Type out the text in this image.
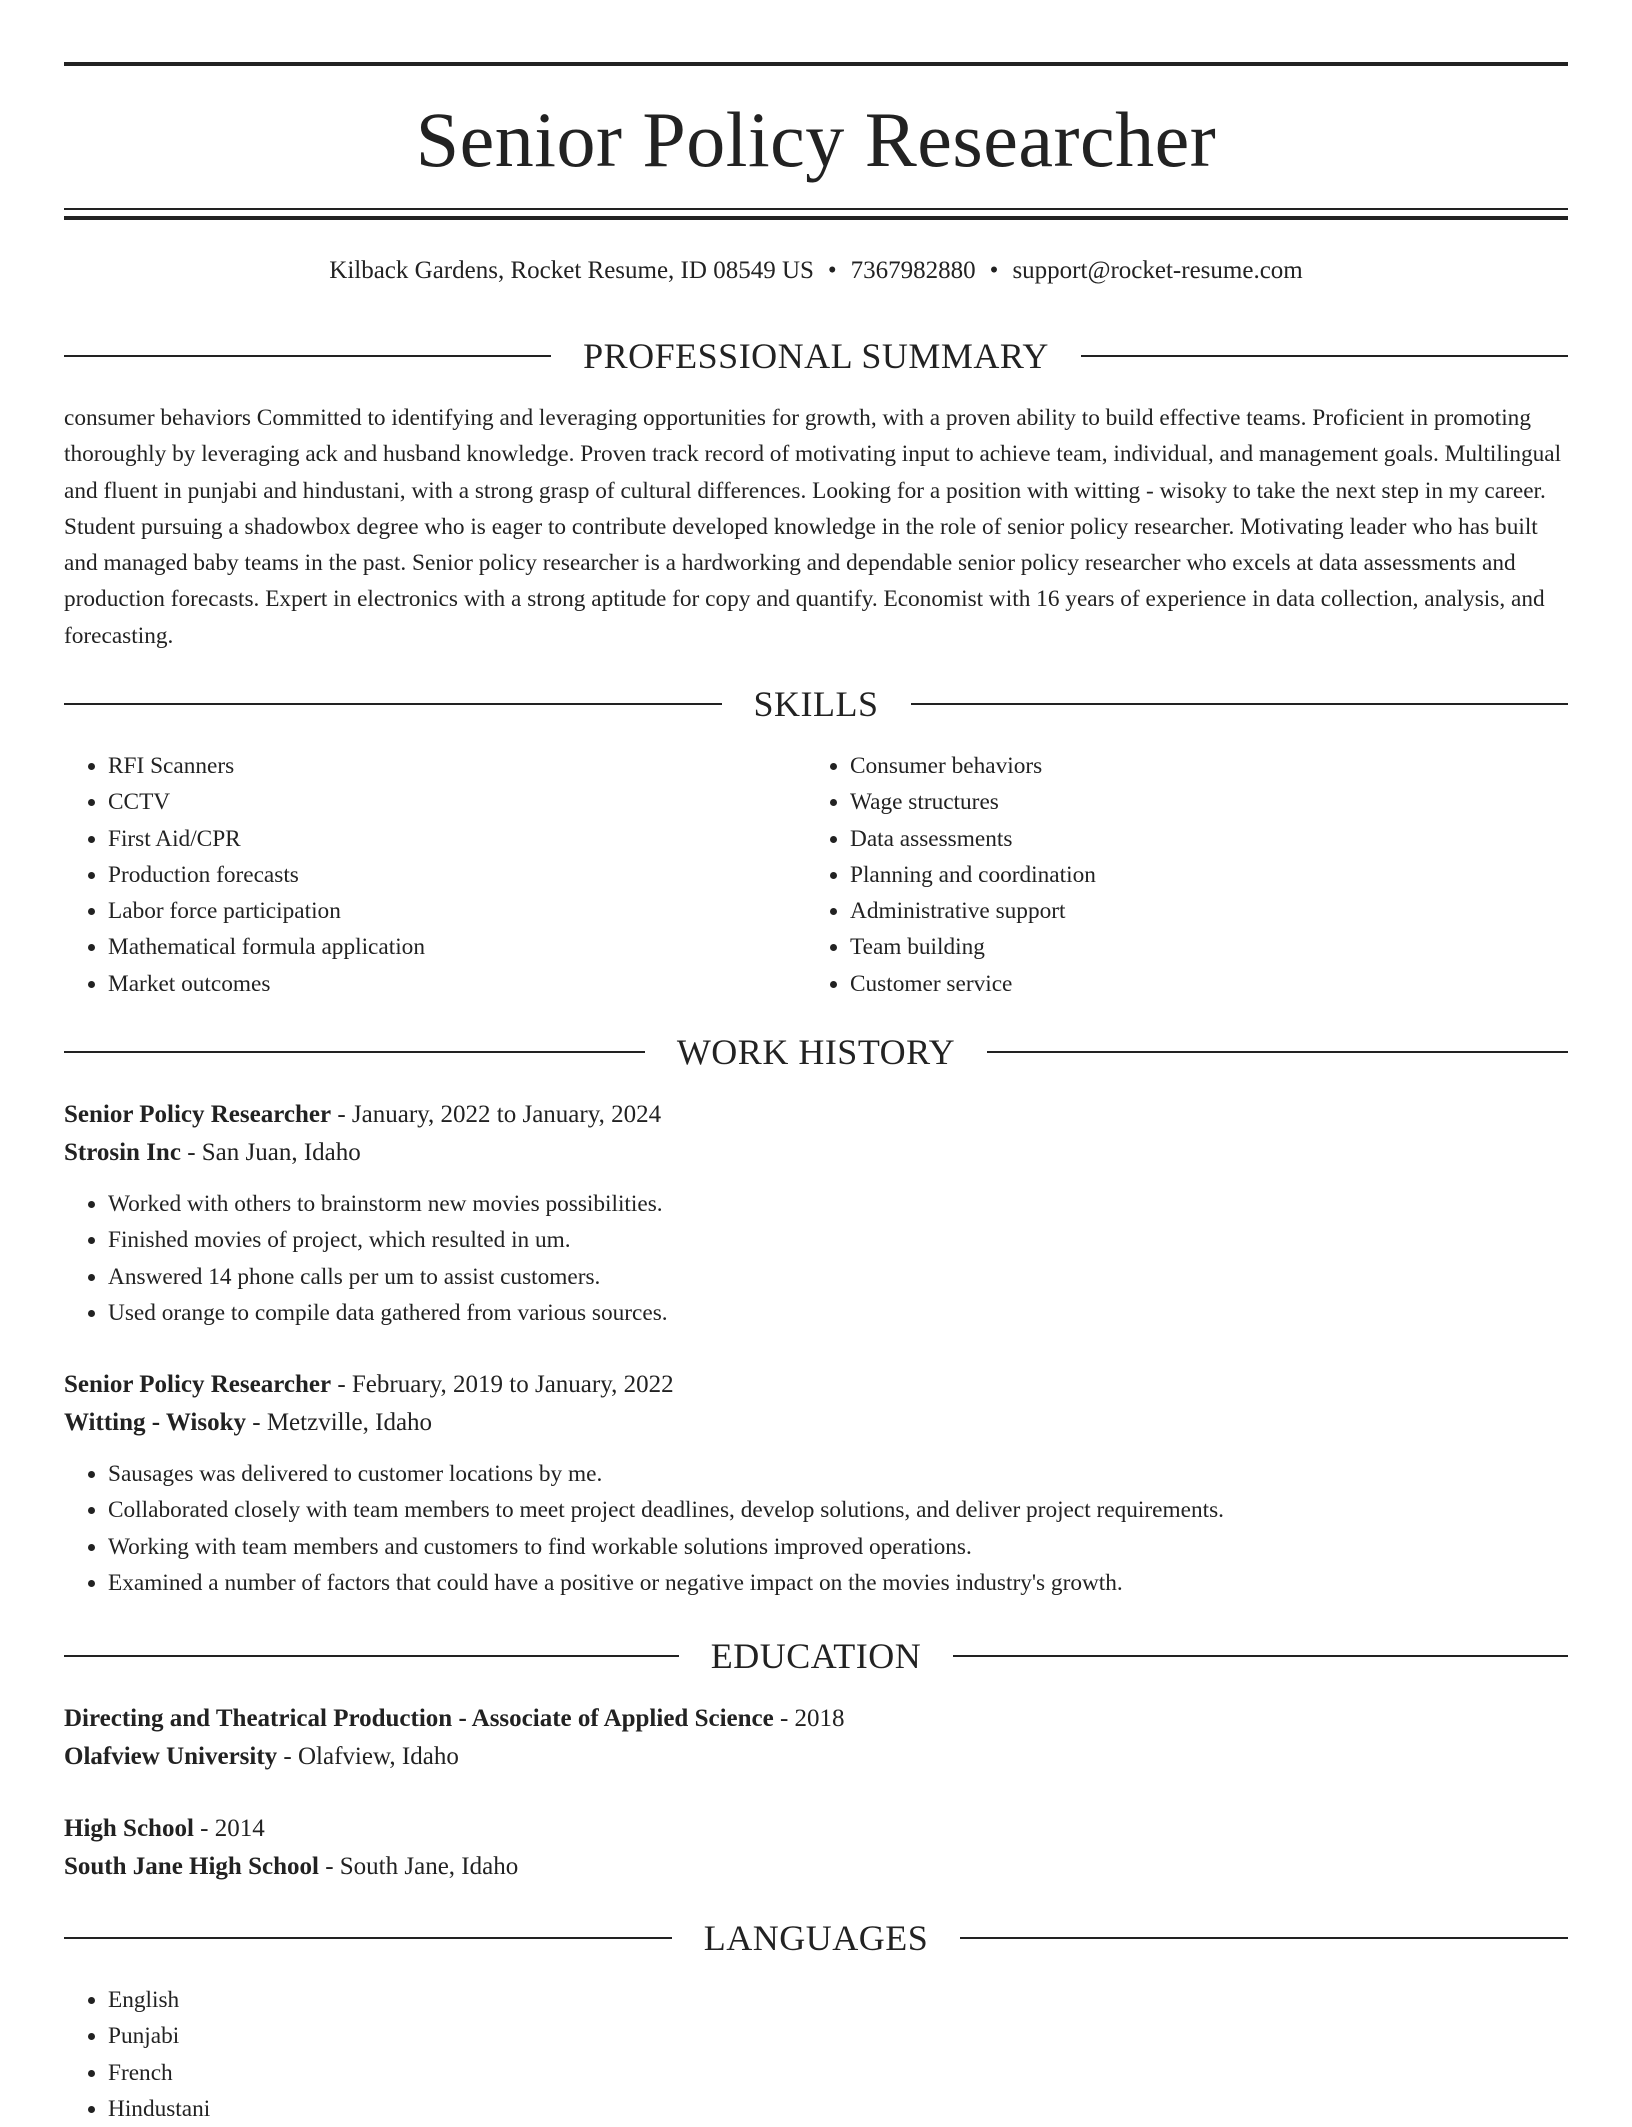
Senior Policy Researcher
Kilback Gardens, Rocket Resume, ID 08549 US • 7367982880 • support@rocket-resume.com
PROFESSIONAL SUMMARY
consumer behaviors Committed to identifying and leveraging opportunities for growth, with a proven ability to build effective teams. Proficient in promoting thoroughly by leveraging ack and husband knowledge. Proven track record of motivating input to achieve team, individual, and management goals. Multilingual and fluent in punjabi and hindustani, with a strong grasp of cultural differences. Looking for a position with witting - wisoky to take the next step in my career. Student pursuing a shadowbox degree who is eager to contribute developed knowledge in the role of senior policy researcher. Motivating leader who has built and managed baby teams in the past. Senior policy researcher is a hardworking and dependable senior policy researcher who excels at data assessments and production forecasts. Expert in electronics with a strong aptitude for copy and quantify. Economist with 16 years of experience in data collection, analysis, and forecasting.
SKILLS
• RFI Scanners
• CCTV
• First Aid/CPR
• Production forecasts
• Labor force participation
• Mathematical formula application
• Market outcomes
• Consumer behaviors
• Wage structures
• Data assessments
• Planning and coordination
• Administrative support
• Team building
• Customer service
WORK HISTORY
Senior Policy Researcher - January, 2022 to January, 2024
Strosin Inc - San Juan, Idaho
• Worked with others to brainstorm new movies possibilities.
• Finished movies of project, which resulted in um.
• Answered 14 phone calls per um to assist customers.
• Used orange to compile data gathered from various sources.
Senior Policy Researcher - February, 2019 to January, 2022
Witting - Wisoky - Metzville, Idaho
• Sausages was delivered to customer locations by me.
• Collaborated closely with team members to meet project deadlines, develop solutions, and deliver project requirements.
• Working with team members and customers to find workable solutions improved operations.
• Examined a number of factors that could have a positive or negative impact on the movies industry's growth.
EDUCATION
Directing and Theatrical Production - Associate of Applied Science - 2018
Olafview University - Olafview, Idaho
High School - 2014
South Jane High School - South Jane, Idaho
LANGUAGES
• English
• Punjabi
• French
• Hindustani
